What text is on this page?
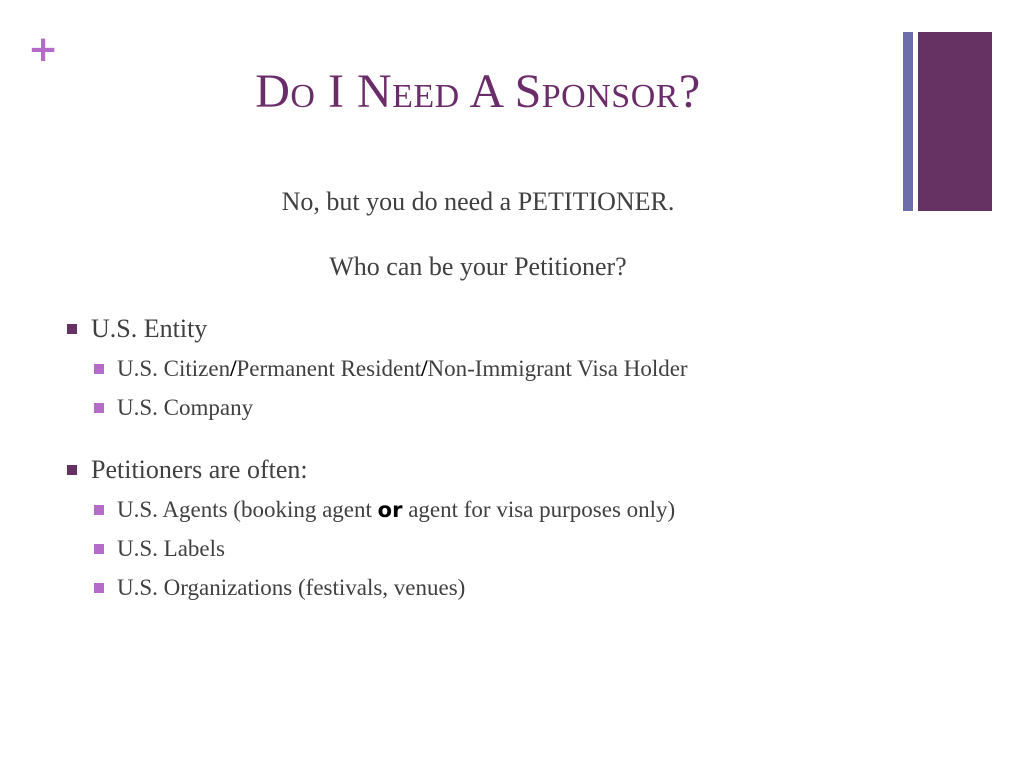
+
Do I Need A Sponsor?
No, but you do need a PETITIONER.
Who can be your Petitioner?
U.S. Entity
U.S. Citizen/Permanent Resident/Non-Immigrant Visa Holder
U.S. Company
Petitioners are often:
U.S. Agents (booking agent or agent for visa purposes only)
U.S. Labels
U.S. Organizations (festivals, venues)
